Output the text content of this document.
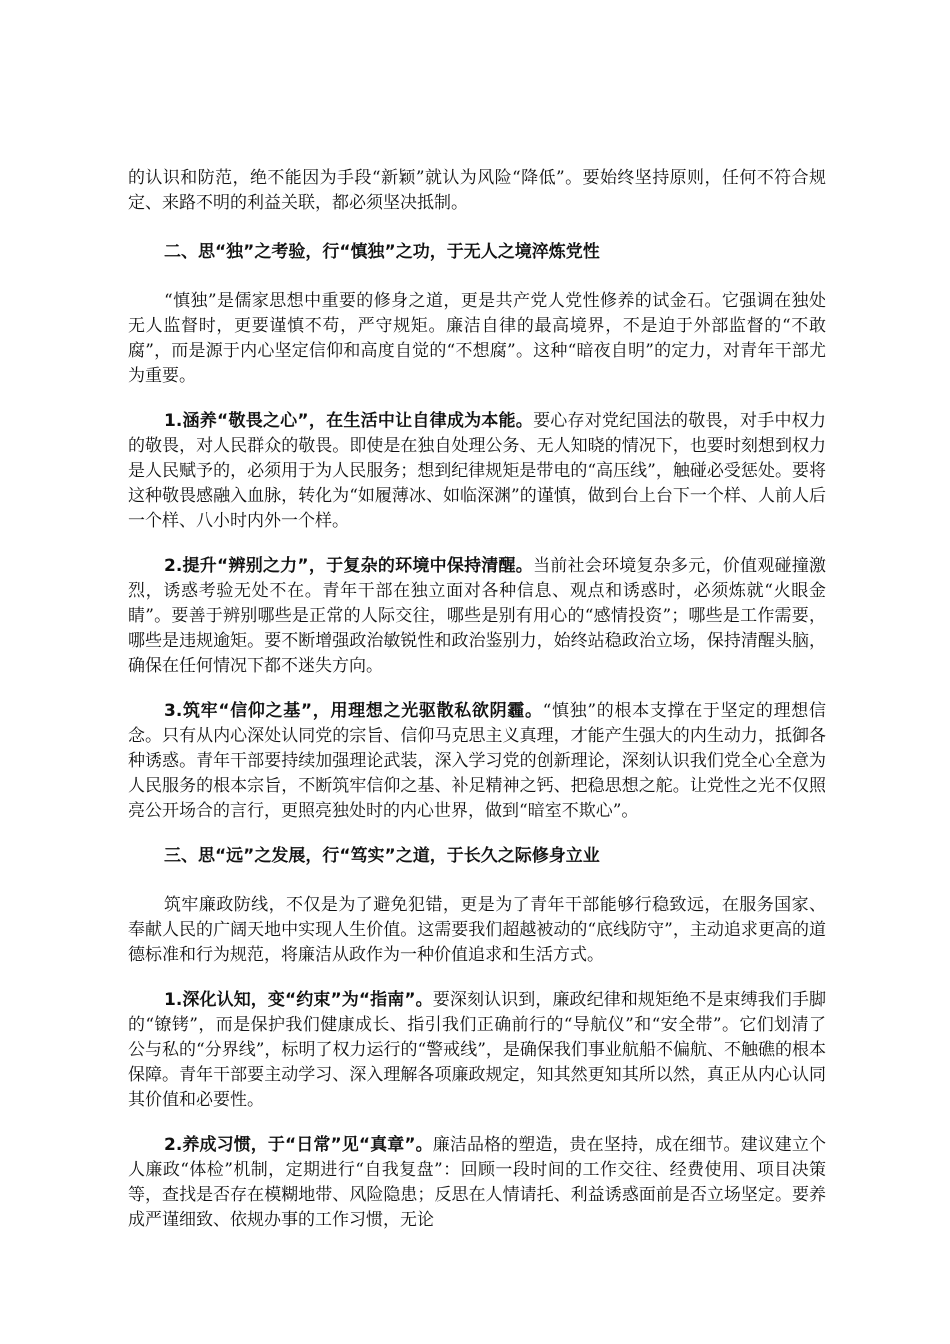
的认识和防范，绝不能因为手段“新颖”就认为风险“降低”。要始终坚持原则，任何不符合规定、来路不明的利益关联，都必须坚决抵制。

二、思“独”之考验，行“慎独”之功，于无人之境淬炼党性

“慎独”是儒家思想中重要的修身之道，更是共产党人党性修养的试金石。它强调在独处无人监督时，更要谨慎不苟，严守规矩。廉洁自律的最高境界，不是迫于外部监督的“不敢腐”，而是源于内心坚定信仰和高度自觉的“不想腐”。这种“暗夜自明”的定力，对青年干部尤为重要。

1.涵养“敬畏之心”，在生活中让自律成为本能。要心存对党纪国法的敬畏，对手中权力的敬畏，对人民群众的敬畏。即使是在独自处理公务、无人知晓的情况下，也要时刻想到权力是人民赋予的，必须用于为人民服务；想到纪律规矩是带电的“高压线”，触碰必受惩处。要将这种敬畏感融入血脉，转化为“如履薄冰、如临深渊”的谨慎，做到台上台下一个样、人前人后一个样、八小时内外一个样。

2.提升“辨别之力”，于复杂的环境中保持清醒。当前社会环境复杂多元，价值观碰撞激烈，诱惑考验无处不在。青年干部在独立面对各种信息、观点和诱惑时，必须炼就“火眼金睛”。要善于辨别哪些是正常的人际交往，哪些是别有用心的“感情投资”；哪些是工作需要，哪些是违规逾矩。要不断增强政治敏锐性和政治鉴别力，始终站稳政治立场，保持清醒头脑，确保在任何情况下都不迷失方向。

3.筑牢“信仰之基”，用理想之光驱散私欲阴霾。“慎独”的根本支撑在于坚定的理想信念。只有从内心深处认同党的宗旨、信仰马克思主义真理，才能产生强大的内生动力，抵御各种诱惑。青年干部要持续加强理论武装，深入学习党的创新理论，深刻认识我们党全心全意为人民服务的根本宗旨，不断筑牢信仰之基、补足精神之钙、把稳思想之舵。让党性之光不仅照亮公开场合的言行，更照亮独处时的内心世界，做到“暗室不欺心”。

三、思“远”之发展，行“笃实”之道，于长久之际修身立业

筑牢廉政防线，不仅是为了避免犯错，更是为了青年干部能够行稳致远，在服务国家、奉献人民的广阔天地中实现人生价值。这需要我们超越被动的“底线防守”，主动追求更高的道德标准和行为规范，将廉洁从政作为一种价值追求和生活方式。

1.深化认知，变“约束”为“指南”。要深刻认识到，廉政纪律和规矩绝不是束缚我们手脚的“镣铐”，而是保护我们健康成长、指引我们正确前行的“导航仪”和“安全带”。它们划清了公与私的“分界线”，标明了权力运行的“警戒线”，是确保我们事业航船不偏航、不触礁的根本保障。青年干部要主动学习、深入理解各项廉政规定，知其然更知其所以然，真正从内心认同其价值和必要性。

2.养成习惯，于“日常”见“真章”。廉洁品格的塑造，贵在坚持，成在细节。建议建立个人廉政“体检”机制，定期进行“自我复盘”：回顾一段时间的工作交往、经费使用、项目决策等，查找是否存在模糊地带、风险隐患；反思在人情请托、利益诱惑面前是否立场坚定。要养成严谨细致、依规办事的工作习惯，无论
